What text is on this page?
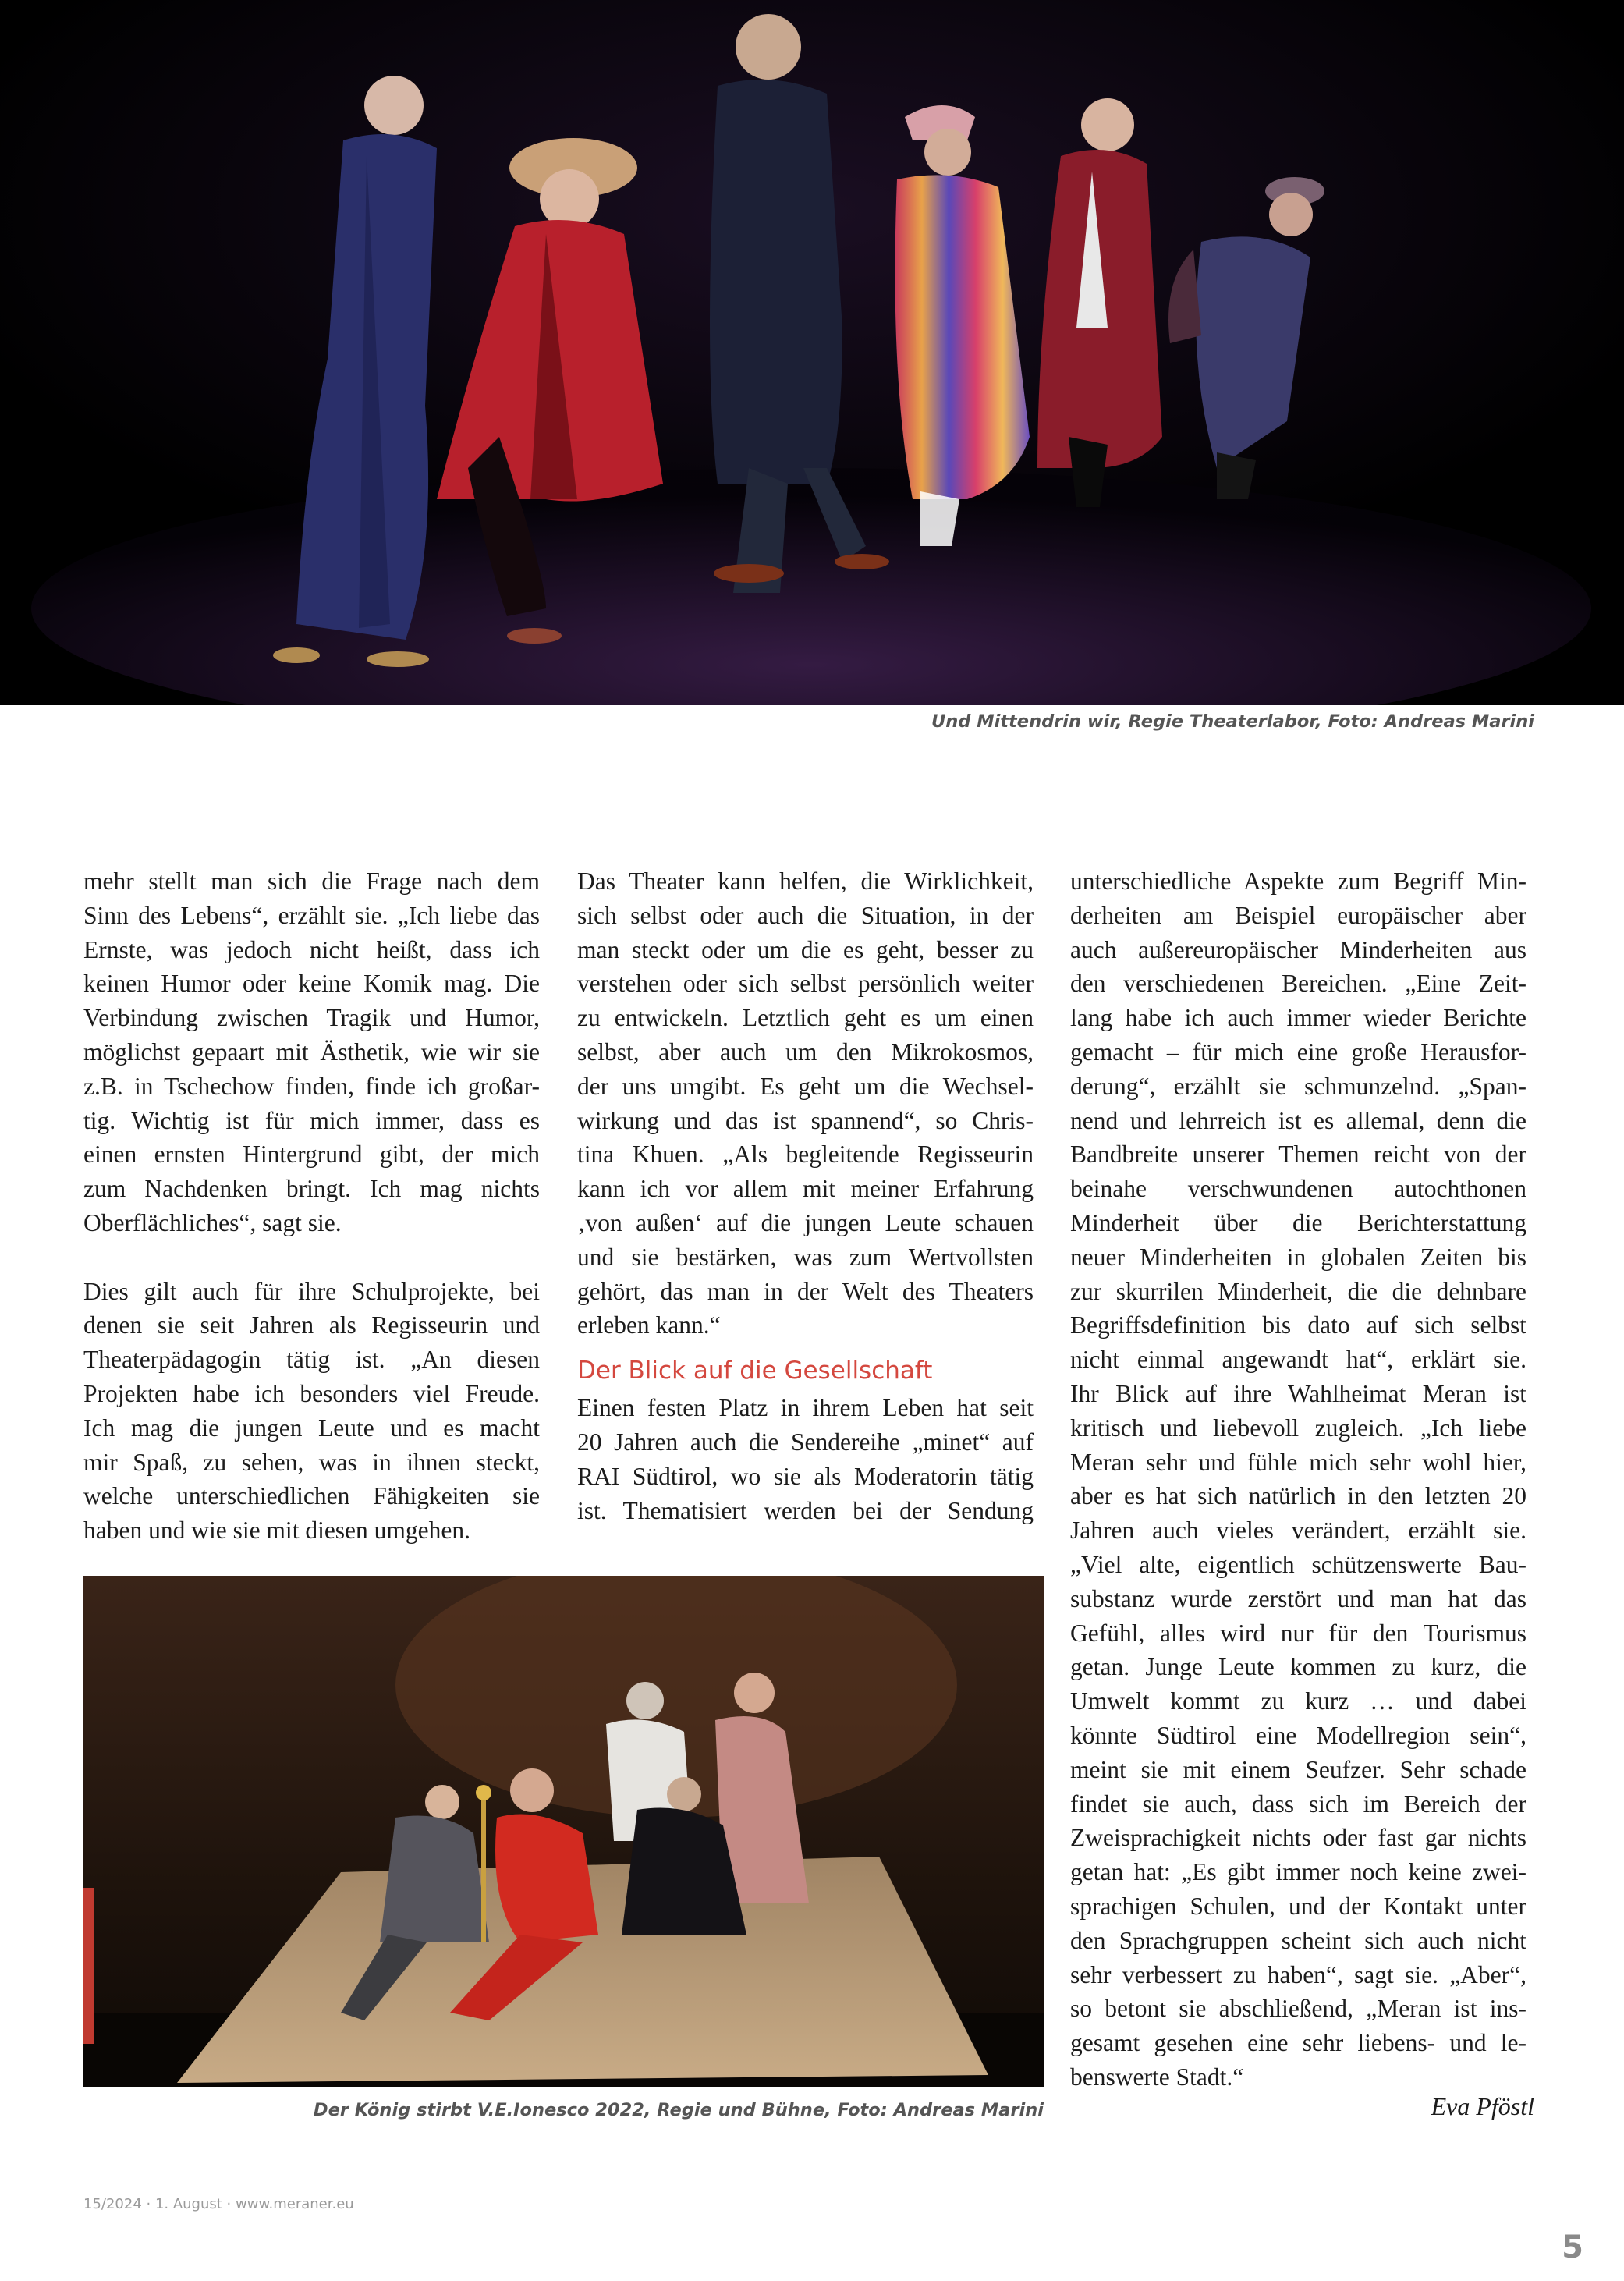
Und Mittendrin wir, Regie Theaterlabor, Foto: Andreas Marini
mehr stellt man sich die Frage nach dem
Sinn des Lebens“, erzählt sie. „Ich liebe das
Ernste, was jedoch nicht heißt, dass ich
keinen Humor oder keine Komik mag. Die
Verbindung zwischen Tragik und Humor,
möglichst gepaart mit Ästhetik, wie wir sie
z.B. in Tschechow finden, finde ich großar-
tig. Wichtig ist für mich immer, dass es
einen ernsten Hintergrund gibt, der mich
zum Nachdenken bringt. Ich mag nichts
Oberflächliches“, sagt sie.
Dies gilt auch für ihre Schulprojekte, bei
denen sie seit Jahren als Regisseurin und
Theaterpädagogin tätig ist. „An diesen
Projekten habe ich besonders viel Freude.
Ich mag die jungen Leute und es macht
mir Spaß, zu sehen, was in ihnen steckt,
welche unterschiedlichen Fähigkeiten sie
haben und wie sie mit diesen umgehen.
Das Theater kann helfen, die Wirklichkeit,
sich selbst oder auch die Situation, in der
man steckt oder um die es geht, besser zu
verstehen oder sich selbst persönlich weiter
zu entwickeln. Letztlich geht es um einen
selbst, aber auch um den Mikrokosmos,
der uns umgibt. Es geht um die Wechsel-
wirkung und das ist spannend“, so Chris-
tina Khuen. „Als begleitende Regisseurin
kann ich vor allem mit meiner Erfahrung
‚von außen‘ auf die jungen Leute schauen
und sie bestärken, was zum Wertvollsten
gehört, das man in der Welt des Theaters
erleben kann.“
Der Blick auf die Gesellschaft
Einen festen Platz in ihrem Leben hat seit
20 Jahren auch die Sendereihe „minet“ auf
RAI Südtirol, wo sie als Moderatorin tätig
ist. Thematisiert werden bei der Sendung
unterschiedliche Aspekte zum Begriff Min-
derheiten am Beispiel europäischer aber
auch außereuropäischer Minderheiten aus
den verschiedenen Bereichen. „Eine Zeit-
lang habe ich auch immer wieder Berichte
gemacht – für mich eine große Herausfor-
derung“, erzählt sie schmunzelnd. „Span-
nend und lehrreich ist es allemal, denn die
Bandbreite unserer Themen reicht von der
beinahe verschwundenen autochthonen
Minderheit über die Berichterstattung
neuer Minderheiten in globalen Zeiten bis
zur skurrilen Minderheit, die die dehnbare
Begriffsdefinition bis dato auf sich selbst
nicht einmal angewandt hat“, erklärt sie.
Ihr Blick auf ihre Wahlheimat Meran ist
kritisch und liebevoll zugleich. „Ich liebe
Meran sehr und fühle mich sehr wohl hier,
aber es hat sich natürlich in den letzten 20
Jahren auch vieles verändert, erzählt sie.
„Viel alte, eigentlich schützenswerte Bau-
substanz wurde zerstört und man hat das
Gefühl, alles wird nur für den Tourismus
getan. Junge Leute kommen zu kurz, die
Umwelt kommt zu kurz … und dabei
könnte Südtirol eine Modellregion sein“,
meint sie mit einem Seufzer. Sehr schade
findet sie auch, dass sich im Bereich der
Zweisprachigkeit nichts oder fast gar nichts
getan hat: „Es gibt immer noch keine zwei-
sprachigen Schulen, und der Kontakt unter
den Sprachgruppen scheint sich auch nicht
sehr verbessert zu haben“, sagt sie. „Aber“,
so betont sie abschließend, „Meran ist ins-
gesamt gesehen eine sehr liebens- und le-
benswerte Stadt.“
Der König stirbt V.E.Ionesco 2022, Regie und Bühne, Foto: Andreas Marini	Eva Pföstl
15/2024 · 1. August · www.meraner.eu
5
